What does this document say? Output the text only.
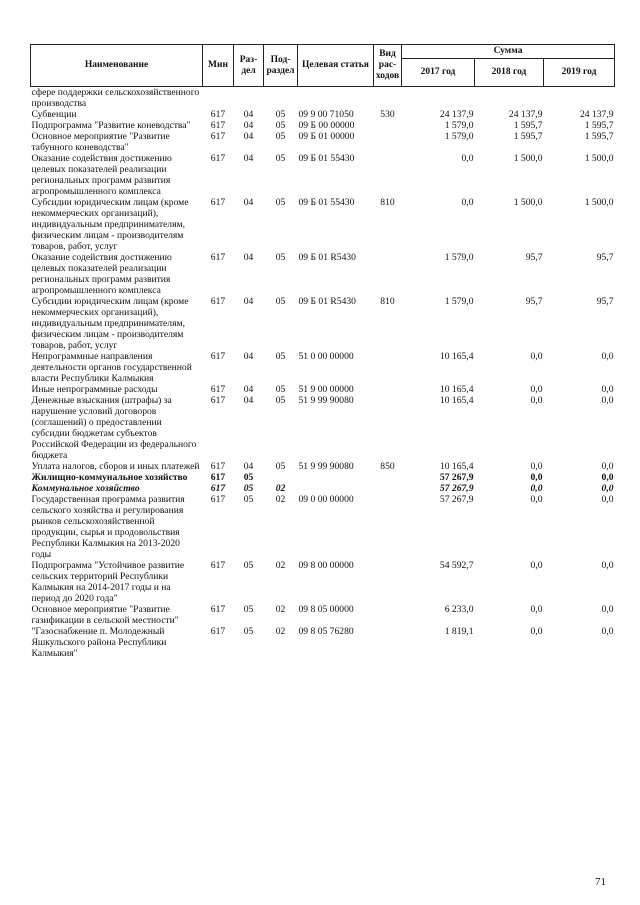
Наименование	Мин	Раз-дел	Под-раздел	Целевая статья	Вид рас-ходов	Сумма		
						2017 год	2018 год	2019 год
сфере поддержки сельскохозяйственного производства								
Субвенции	617	04	05	09 9 00 71050	530	24 137,9	24 137,9	24 137,9
Подпрограмма "Развитие коневодства"	617	04	05	09 Б 00 00000		1 579,0	1 595,7	1 595,7
Основное мероприятие "Развитие табунного коневодства"	617	04	05	09 Б 01 00000		1 579,0	1 595,7	1 595,7
Оказание содействия достижению целевых показателей реализации региональных программ развития агропромышленного комплекса	617	04	05	09 Б 01 55430		0,0	1 500,0	1 500,0
Субсидии юридическим лицам (кроме некоммерческих организаций), индивидуальным предпринимателям, физическим лицам - производителям товаров, работ, услуг	617	04	05	09 Б 01 55430	810	0,0	1 500,0	1 500,0
Оказание содействия достижению целевых показателей реализации региональных программ развития агропромышленного комплекса	617	04	05	09 Б 01 R5430		1 579,0	95,7	95,7
Субсидии юридическим лицам (кроме некоммерческих организаций), индивидуальным предпринимателям, физическим лицам - производителям товаров, работ, услуг	617	04	05	09 Б 01 R5430	810	1 579,0	95,7	95,7
Непрограммные направления деятельности органов государственной власти Республики Калмыкия	617	04	05	51 0 00 00000		10 165,4	0,0	0,0
Иные непрограммные расходы	617	04	05	51 9 00 00000		10 165,4	0,0	0,0
Денежные взыскания (штрафы) за нарушение условий договоров (соглашений) о предоставлении субсидии бюджетам субъектов Российской Федерации из федерального бюджета	617	04	05	51 9 99 90080		10 165,4	0,0	0,0
Уплата налогов, сборов и иных платежей	617	04	05	51 9 99 90080	850	10 165,4	0,0	0,0
Жилищно-коммунальное хозяйство	617	05				57 267,9	0,0	0,0
Коммунальное хозяйство	617	05	02			57 267,9	0,0	0,0
Государственная программа развития сельского хозяйства и регулирования рынков сельскохозяйственной продукции, сырья и продовольствия Республики Калмыкия на 2013-2020 годы	617	05	02	09 0 00 00000		57 267,9	0,0	0,0
Подпрограмма "Устойчивое развитие сельских территорий Республики Калмыкия на 2014-2017 годы и на период до 2020 года"	617	05	02	09 8 00 00000		54 592,7	0,0	0,0
Основное мероприятие "Развитие газификации в сельской местности"	617	05	02	09 8 05 00000		6 233,0	0,0	0,0
"Газоснабжение п. Молодежный Яшкульского района Республики Калмыкия"	617	05	02	09 8 05 76280		1 819,1	0,0	0,0
71
